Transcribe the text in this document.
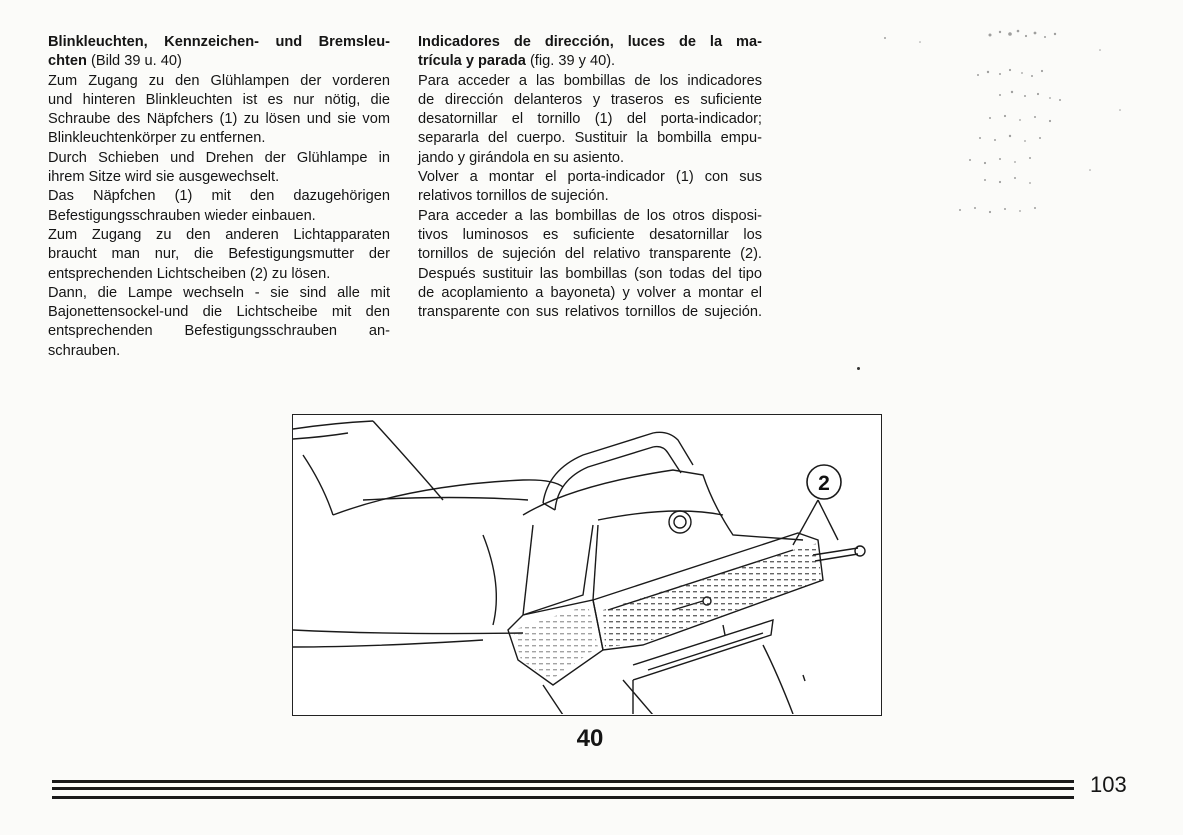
Blinkleuchten, Kennzeichen- und Bremsleu-

chten (Bild 39 u. 40)

Zum Zugang zu den Glühlampen der vorderen

und hinteren Blinkleuchten ist es nur nötig, die

Schraube des Näpfchers (1) zu lösen und sie vom

Blinkleuchtenkörper zu entfernen.

Durch Schieben und Drehen der Glühlampe in

ihrem Sitze wird sie ausgewechselt.

Das Näpfchen (1) mit den dazugehörigen

Befestigungsschrauben wieder einbauen.

Zum Zugang zu den anderen Lichtapparaten

braucht man nur, die Befestigungsmutter der

entsprechenden Lichtscheiben (2) zu lösen.

Dann, die Lampe wechseln - sie sind alle mit

Bajonettensockel-und die Lichtscheibe mit den

entsprechenden Befestigungsschrauben an-

schrauben.

Indicadores de dirección, luces de la ma-

trícula y parada (fig. 39 y 40).

Para acceder a las bombillas de los indicadores

de dirección delanteros y traseros es suficiente

desatornillar el tornillo (1) del porta-indicador;

separarla del cuerpo. Sustituir la bombilla empu-

jando y girándola en su asiento.

Volver a montar el porta-indicador (1) con sus

relativos tornillos de sujeción.

Para acceder a las bombillas de los otros disposi-

tivos luminosos es suficiente desatornillar los

tornillos de sujeción del relativo transparente (2).

Después sustituir las bombillas (son todas del tipo

de acoplamiento a bayoneta) y volver a montar el

transparente con sus relativos tornillos de sujeción.

2
40
103
